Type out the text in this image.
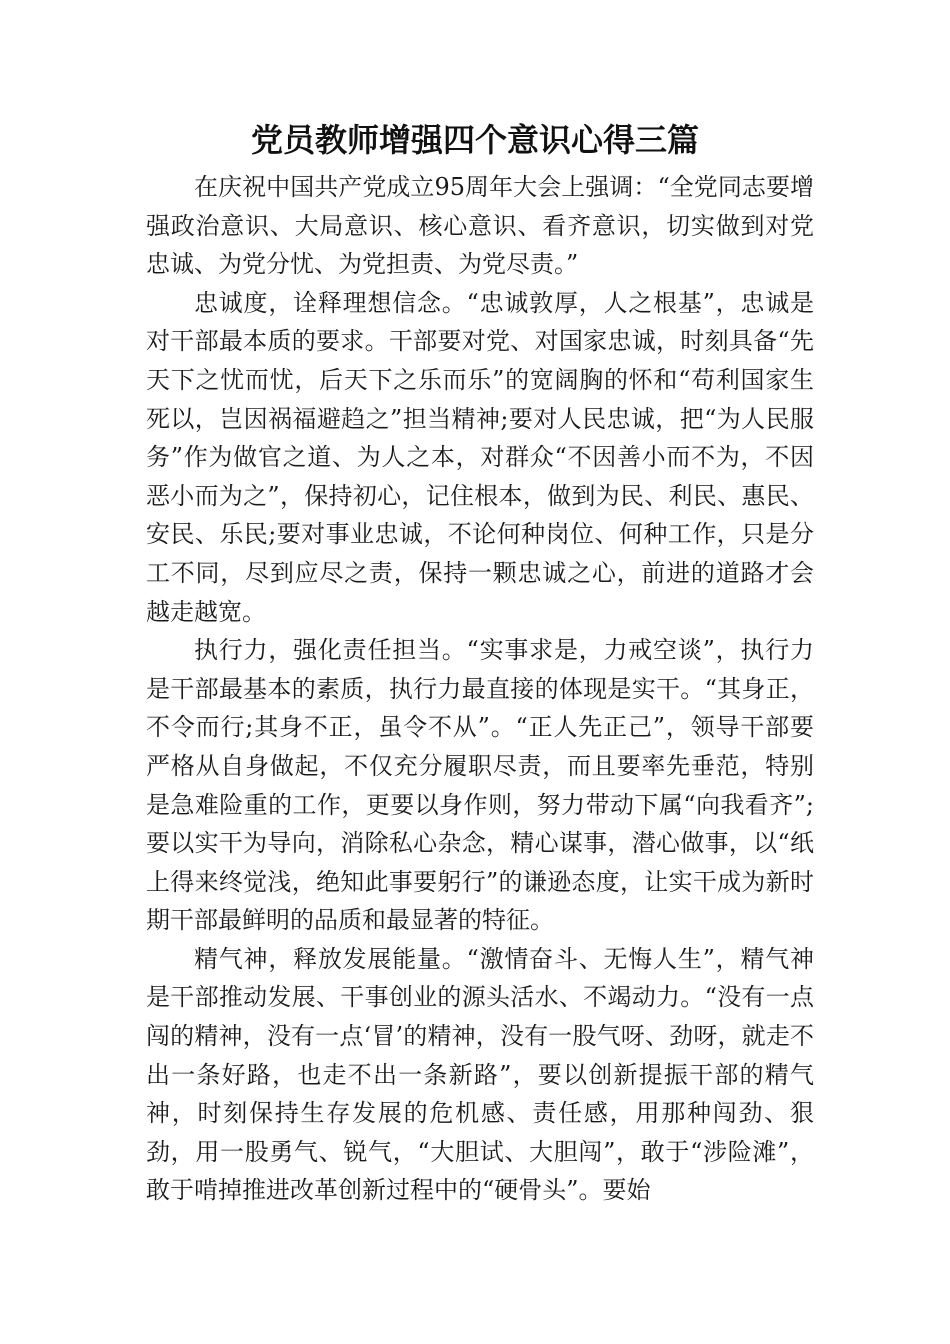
党员教师增强四个意识心得三篇

在庆祝中国共产党成立95周年大会上强调：“全党同志要增强政治意识、大局意识、核心意识、看齐意识，切实做到对党忠诚、为党分忧、为党担责、为党尽责。”

忠诚度，诠释理想信念。“忠诚敦厚，人之根基”，忠诚是对干部最本质的要求。干部要对党、对国家忠诚，时刻具备“先天下之忧而忧，后天下之乐而乐”的宽阔胸的怀和“苟利国家生死以，岂因祸福避趋之”担当精神;要对人民忠诚，把“为人民服务”作为做官之道、为人之本，对群众“不因善小而不为，不因恶小而为之”，保持初心，记住根本，做到为民、利民、惠民、安民、乐民;要对事业忠诚，不论何种岗位、何种工作，只是分工不同，尽到应尽之责，保持一颗忠诚之心，前进的道路才会越走越宽。

执行力，强化责任担当。“实事求是，力戒空谈”，执行力是干部最基本的素质，执行力最直接的体现是实干。“其身正，不令而行;其身不正，虽令不从”。“正人先正己”，领导干部要严格从自身做起，不仅充分履职尽责，而且要率先垂范，特别是急难险重的工作，更要以身作则，努力带动下属“向我看齐”;要以实干为导向，消除私心杂念，精心谋事，潜心做事，以“纸上得来终觉浅，绝知此事要躬行”的谦逊态度，让实干成为新时期干部最鲜明的品质和最显著的特征。

精气神，释放发展能量。“激情奋斗、无悔人生”，精气神是干部推动发展、干事创业的源头活水、不竭动力。“没有一点闯的精神，没有一点‘冒’的精神，没有一股气呀、劲呀，就走不出一条好路，也走不出一条新路”，要以创新提振干部的精气神，时刻保持生存发展的危机感、责任感，用那种闯劲、狠劲，用一股勇气、锐气，“大胆试、大胆闯”，敢于“涉险滩”，敢于啃掉推进改革创新过程中的“硬骨头”。要始
